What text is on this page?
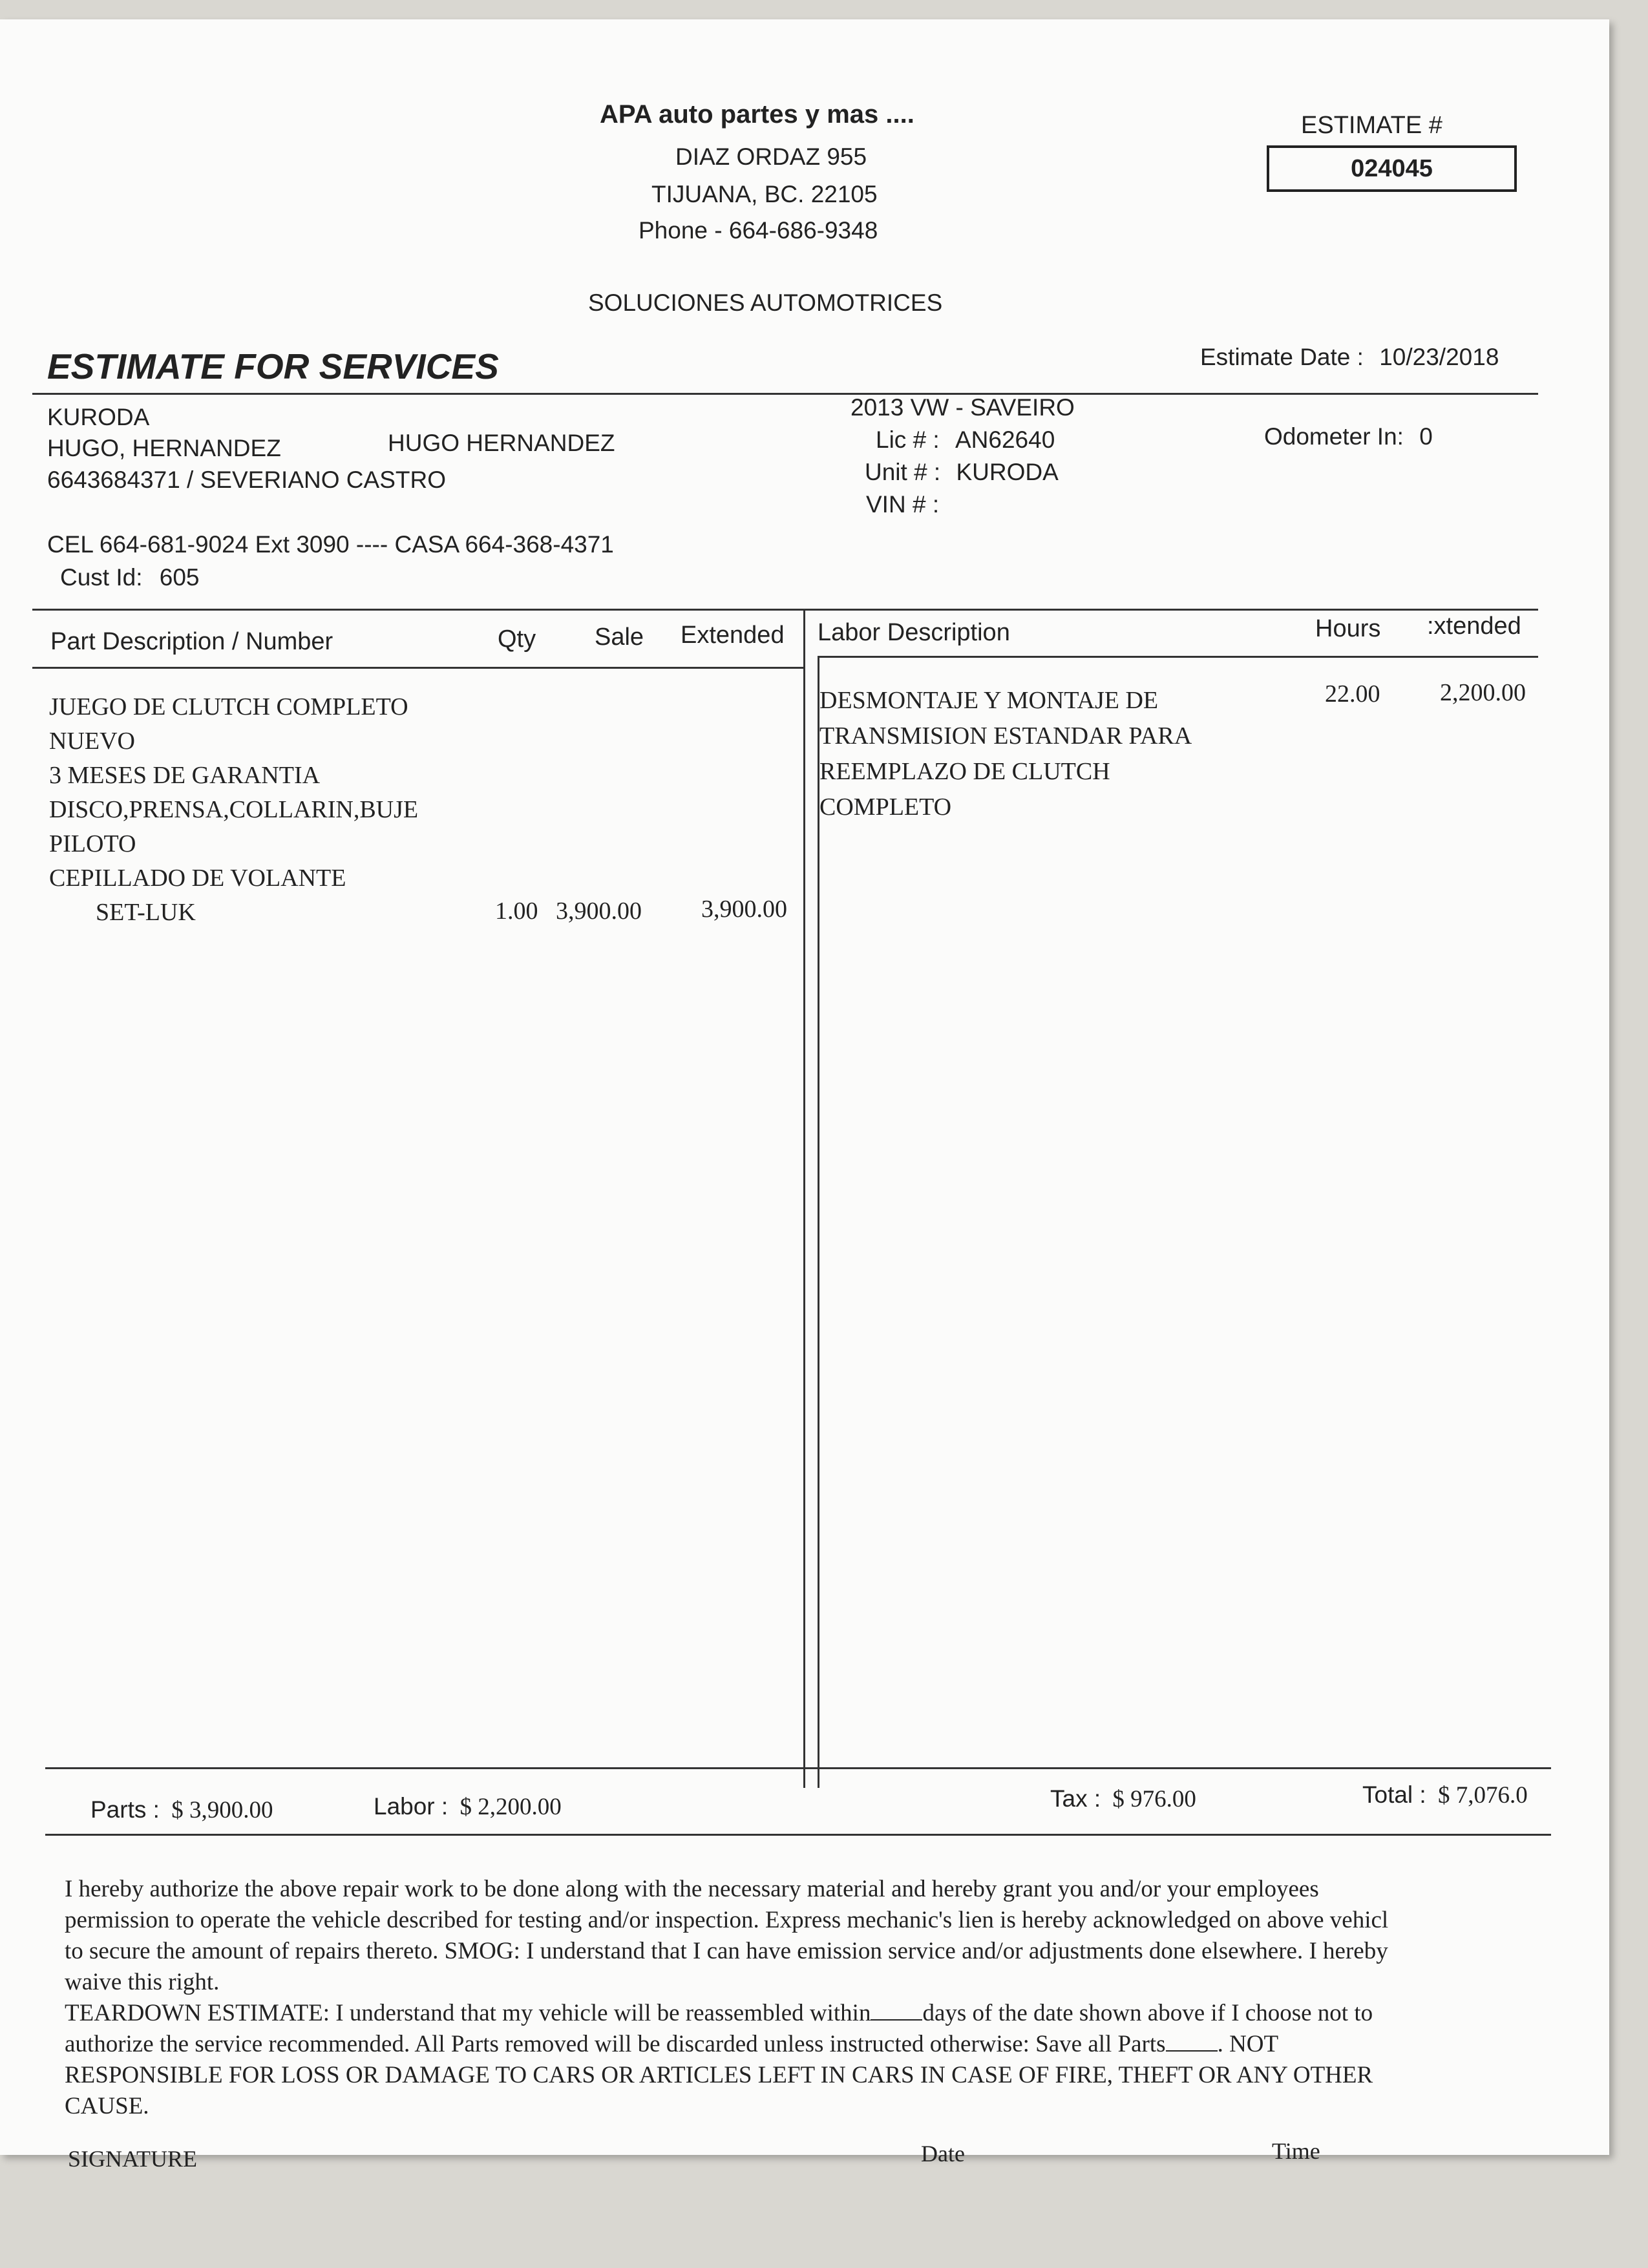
APA auto partes y mas ....
DIAZ ORDAZ 955
TIJUANA, BC. 22105
Phone - 664-686-9348
SOLUCIONES AUTOMOTRICES
ESTIMATE #
024045
ESTIMATE FOR SERVICES	Estimate Date : 10/23/2018
KURODA
HUGO, HERNANDEZ	HUGO HERNANDEZ
6643684371 / SEVERIANO CASTRO
CEL 664-681-9024 Ext 3090 ---- CASA 664-368-4371
Cust Id: 605
2013 VW - SAVEIRO
Lic # : AN62640
Unit # : KURODA
VIN # :
Odometer In: 0
Part Description / Number	Qty Sale Extended Labor Description	Hours :xtended
JUEGO DE CLUTCH COMPLETO
NUEVO
3 MESES DE GARANTIA
DISCO,PRENSA,COLLARIN,BUJE
PILOTO
CEPILLADO DE VOLANTE
SET-LUK	1.00 3,900.00 3,900.00
DESMONTAJE Y MONTAJE DE
TRANSMISION ESTANDAR PARA
REEMPLAZO DE CLUTCH
COMPLETO
22.00 2,200.00
Parts : $ 3,900.00	Labor : $ 2,200.00	Tax : $ 976.00	Total : $ 7,076.0
I hereby authorize the above repair work to be done along with the necessary material and hereby grant you and/or your employees
permission to operate the vehicle described for testing and/or inspection. Express mechanic's lien is hereby acknowledged on above vehicl
to secure the amount of repairs thereto. SMOG: I understand that I can have emission service and/or adjustments done elsewhere. I hereby
waive this right.
TEARDOWN ESTIMATE: I understand that my vehicle will be reassembled within days of the date shown above if I choose not to
authorize the service recommended. All Parts removed will be discarded unless instructed otherwise: Save all Parts . NOT
RESPONSIBLE FOR LOSS OR DAMAGE TO CARS OR ARTICLES LEFT IN CARS IN CASE OF FIRE, THEFT OR ANY OTHER
CAUSE.
SIGNATURE	Date	Time
